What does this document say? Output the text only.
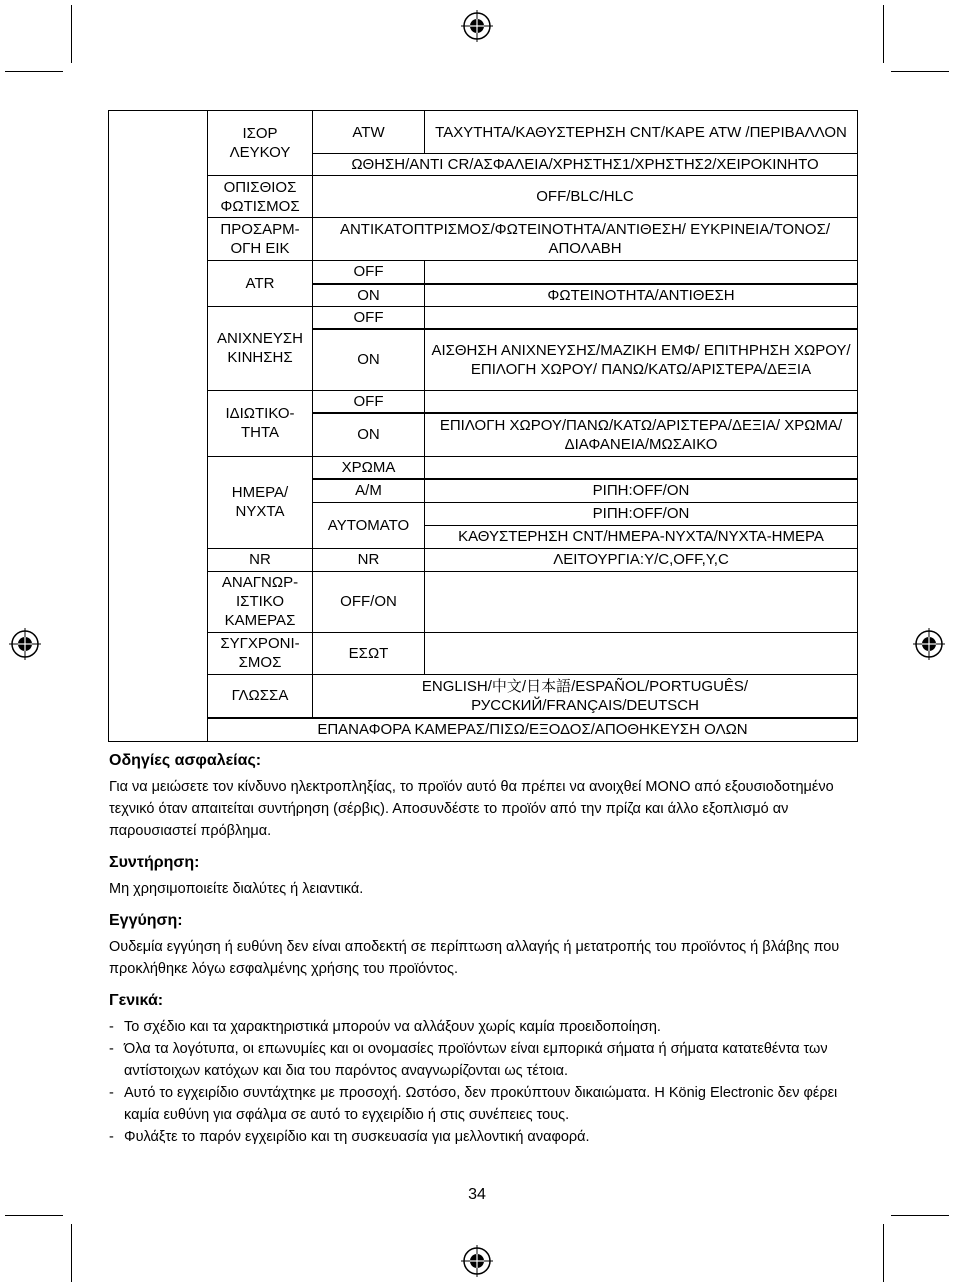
	ΙΣΟΡ ΛΕΥΚΟΥ	ATW	ΤΑΧΥΤΗΤΑ/ΚΑΘΥΣΤΕΡΗΣΗ CNT/ΚΑΡΕ ATW /ΠΕΡΙΒΑΛΛΟΝ
		ΩΘΗΣΗ/ΑΝΤΙ CR/ΑΣΦΑΛΕΙΑ/ΧΡΗΣΤΗΣ1/ΧΡΗΣΤΗΣ2/ΧΕΙΡΟΚΙΝΗΤΟ	
	ΟΠΙΣΘΙΟΣ ΦΩΤΙΣΜΟΣ	OFF/BLC/HLC	
	ΠΡΟΣΑΡΜ-ΟΓΗ ΕΙΚ	ΑΝΤΙΚΑΤΟΠΤΡΙΣΜΟΣ/ΦΩΤΕΙΝΟΤΗΤΑ/ΑΝΤΙΘΕΣΗ/ ΕΥΚΡΙΝΕΙΑ/ΤΟΝΟΣ/ΑΠΟΛΑΒΗ	
	ATR	OFF	
		ON	ΦΩΤΕΙΝΟΤΗΤΑ/ΑΝΤΙΘΕΣΗ
	ΑΝΙΧΝΕΥΣΗ ΚΙΝΗΣΗΣ	OFF	
		ON	ΑΙΣΘΗΣΗ ΑΝΙΧΝΕΥΣΗΣ/ΜΑΖΙΚΗ ΕΜΦ/ ΕΠΙΤΗΡΗΣΗ ΧΩΡΟΥ/ΕΠΙΛΟΓΗ ΧΩΡΟΥ/ ΠΑΝΩ/ΚΑΤΩ/ΑΡΙΣΤΕΡΑ/ΔΕΞΙΑ
	ΙΔΙΩΤΙΚΟ-ΤΗΤΑ	OFF	
		ON	ΕΠΙΛΟΓΗ ΧΩΡΟΥ/ΠΑΝΩ/ΚΑΤΩ/ΑΡΙΣΤΕΡΑ/ΔΕΞΙΑ/ ΧΡΩΜΑ/ΔΙΑΦΑΝΕΙΑ/ΜΩΣΑΙΚΟ
	ΗΜΕΡΑ/ ΝΥΧΤΑ	ΧΡΩΜΑ	
		Α/Μ	ΡΙΠΗ:OFF/ON
		ΑΥΤΟΜΑΤΟ	ΡΙΠΗ:OFF/ON
			ΚΑΘΥΣΤΕΡΗΣΗ CNT/ΗΜΕΡΑ-ΝΥΧΤΑ/ΝΥΧΤΑ-ΗΜΕΡΑ
	NR	NR	ΛΕΙΤΟΥΡΓΙΑ:Y/C,OFF,Y,C
	ΑΝΑΓΝΩΡ-ΙΣΤΙΚΟ ΚΑΜΕΡΑΣ	OFF/ON	
	ΣΥΓΧΡΟΝΙ-ΣΜΟΣ	ΕΣΩΤ	
	ΓΛΩΣΣΑ	ENGLISH/中文/日本語/ESPAÑOL/PORTUGUÊS/ РУССКИЙ/FRANÇAIS/DEUTSCH	
	ΕΠΑΝΑΦΟΡΑ ΚΑΜΕΡΑΣ/ΠΙΣΩ/ΕΞΟΔΟΣ/ΑΠΟΘΗΚΕΥΣΗ ΟΛΩΝ		
Οδηγίες ασφαλείας:

Για να μειώσετε τον κίνδυνο ηλεκτροπληξίας, το προϊόν αυτό θα πρέπει να ανοιχθεί ΜΟΝΟ από εξουσιοδοτημένο τεχνικό όταν απαιτείται συντήρηση (σέρβις). Αποσυνδέστε το προϊόν από την πρίζα και άλλο εξοπλισμό αν παρουσιαστεί πρόβλημα.

Συντήρηση:

Μη χρησιμοποιείτε διαλύτες ή λειαντικά.

Εγγύηση:

Ουδεμία εγγύηση ή ευθύνη δεν είναι αποδεκτή σε περίπτωση αλλαγής ή μετατροπής του προϊόντος ή βλάβης που προκλήθηκε λόγω εσφαλμένης χρήσης του προϊόντος.

Γενικά:
- Το σχέδιο και τα χαρακτηριστικά μπορούν να αλλάξουν χωρίς καμία προειδοποίηση.
- Όλα τα λογότυπα, οι επωνυμίες και οι ονομασίες προϊόντων είναι εμπορικά σήματα ή σήματα κατατεθέντα των αντίστοιχων κατόχων και δια του παρόντος αναγνωρίζονται ως τέτοια.
- Αυτό το εγχειρίδιο συντάχτηκε με προσοχή. Ωστόσο, δεν προκύπτουν δικαιώματα. Η König Electronic δεν φέρει καμία ευθύνη για σφάλμα σε αυτό το εγχειρίδιο ή στις συνέπειες τους.
- Φυλάξτε το παρόν εγχειρίδιο και τη συσκευασία για μελλοντική αναφορά.
34
